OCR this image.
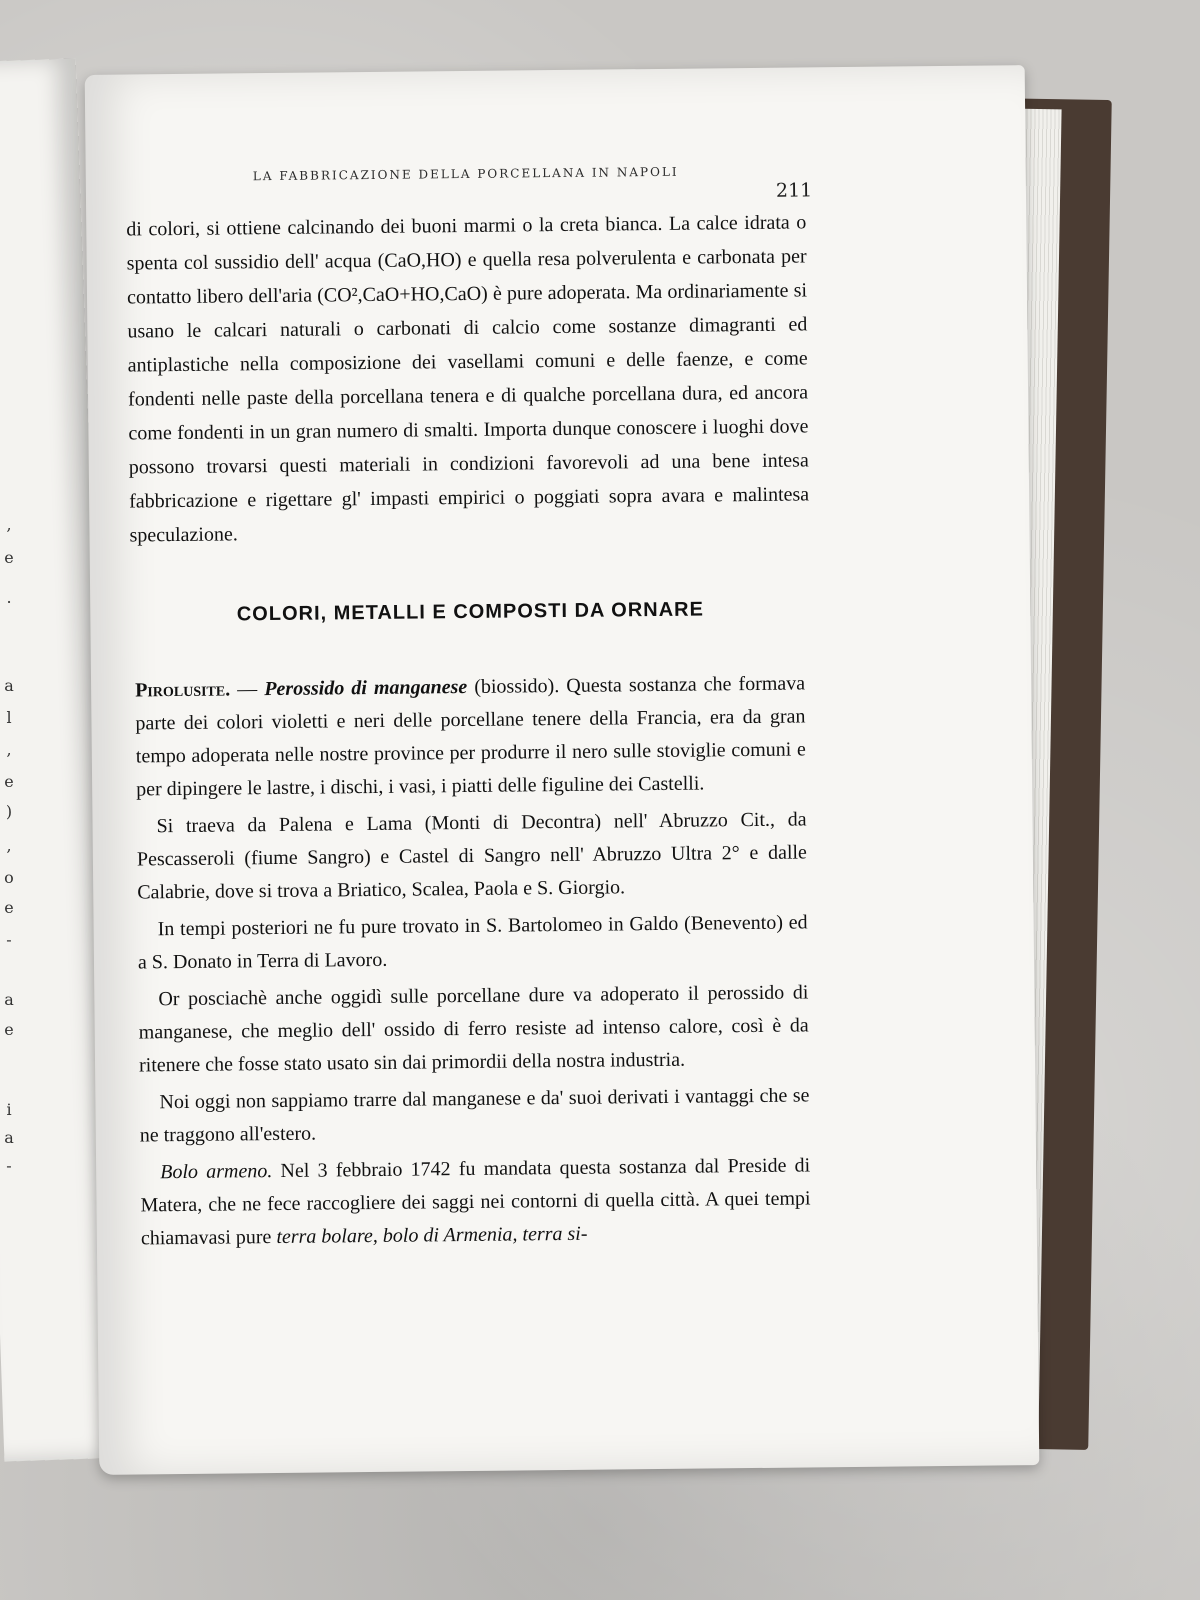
,
e
.
a
l
,
e
)
,
o
e
-
a
e
i
a
-
LA FABBRICAZIONE DELLA PORCELLANA IN NAPOLI
211

di colori, si ottiene calcinando dei buoni marmi o la creta bianca. La calce idrata o spenta col sussidio dell' acqua (CaO,HO) e quella resa polverulenta e carbonata per contatto libero dell'aria (CO²,CaO+HO,CaO) è pure adoperata. Ma ordinariamente si usano le calcari naturali o carbonati di calcio come sostanze dimagranti ed antiplastiche nella composizione dei vasellami comuni e delle faenze, e come fondenti nelle paste della porcellana tenera e di qualche porcellana dura, ed ancora come fondenti in un gran numero di smalti. Importa dunque conoscere i luoghi dove possono trovarsi questi materiali in condizioni favorevoli ad una bene intesa fabbricazione e rigettare gl' impasti empirici o poggiati sopra avara e malintesa speculazione.

COLORI, METALLI E COMPOSTI DA ORNARE

Pirolusite. — Perossido di manganese (biossido). Questa sostanza che formava parte dei colori violetti e neri delle porcellane tenere della Francia, era da gran tempo adoperata nelle nostre province per produrre il nero sulle stoviglie comuni e per dipingere le lastre, i dischi, i vasi, i piatti delle figuline dei Castelli.

Si traeva da Palena e Lama (Monti di Decontra) nell' Abruzzo Cit., da Pescasseroli (fiume Sangro) e Castel di Sangro nell' Abruzzo Ultra 2° e dalle Calabrie, dove si trova a Briatico, Scalea, Paola e S. Giorgio.

In tempi posteriori ne fu pure trovato in S. Bartolomeo in Galdo (Benevento) ed a S. Donato in Terra di Lavoro.

Or posciachè anche oggidì sulle porcellane dure va adoperato il perossido di manganese, che meglio dell' ossido di ferro resiste ad intenso calore, così è da ritenere che fosse stato usato sin dai primordii della nostra industria.

Noi oggi non sappiamo trarre dal manganese e da' suoi derivati i vantaggi che se ne traggono all'estero.

Bolo armeno. Nel 3 febbraio 1742 fu mandata questa sostanza dal Preside di Matera, che ne fece raccogliere dei saggi nei contorni di quella città. A quei tempi chiamavasi pure terra bolare, bolo di Armenia, terra si-
